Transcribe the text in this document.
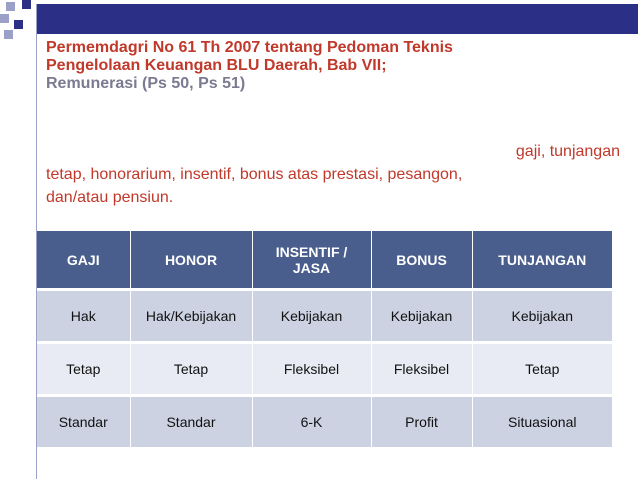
Permemdagri No 61 Th 2007 tentang Pedoman Teknis
Pengelolaan Keuangan BLU Daerah, Bab VII;
Remunerasi (Ps 50, Ps 51)
gaji, tunjangan
tetap, honorarium, insentif, bonus atas prestasi, pesangon,
dan/atau pensiun.
GAJI	HONOR	INSENTIF / JASA	BONUS	TUNJANGAN
Hak	Hak/Kebijakan	Kebijakan	Kebijakan	Kebijakan
Tetap	Tetap	Fleksibel	Fleksibel	Tetap
Standar	Standar	6-K	Profit	Situasional
